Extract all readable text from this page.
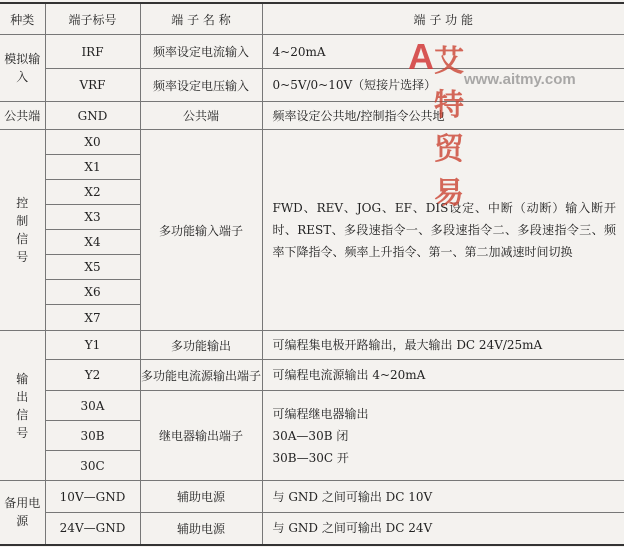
种类	端子标号	端 子 名 称	端 子 功 能
模拟输入	IRF	频率设定电流输入	4~20mA
	VRF	频率设定电压输入	0~5V/0~10V（短接片选择）
公共端	GND	公共端	频率设定公共地/控制指令公共地
控制信号	X0	多功能输入端子	FWD、REV、JOG、EF、DIS设定、中断（动断）输入断开时、REST、多段速指令一、多段速指令二、多段速指令三、频率下降指令、频率上升指令、第一、第二加减速时间切换
	X1		
	X2		
	X3		
	X4		
	X5		
	X6		
	X7		
输出信号	Y1	多功能输出	可编程集电极开路输出，最大输出 DC 24V/25mA
	Y2	多功能电流源输出端子	可编程电流源输出 4~20mA
	30A	继电器输出端子	可编程继电器输出
30A—30B 闭
30B—30C 开

	30B		
	30C		
备用电源	10V—GND	辅助电源	与 GND 之间可输出 DC 10V
	24V—GND	辅助电源	与 GND 之间可输出 DC 24V
A 艾特贸易
www.aitmy.com
